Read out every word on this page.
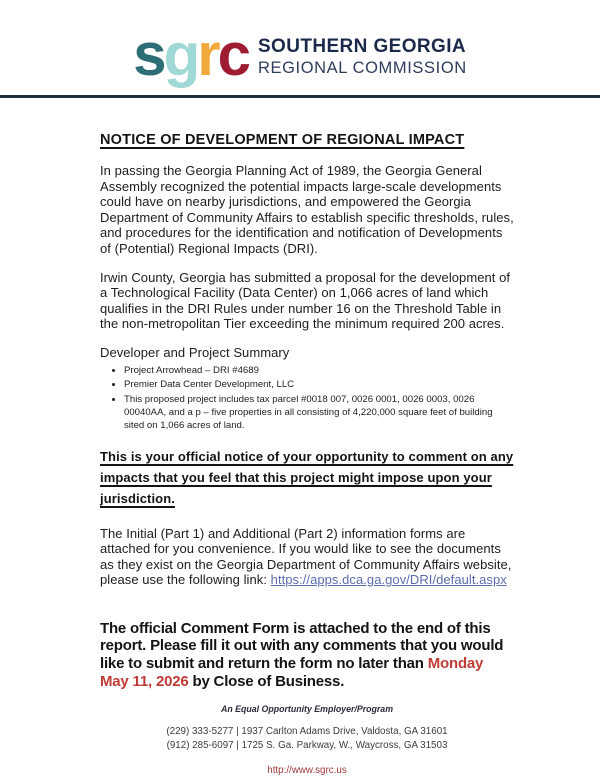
s g r c SOUTHERN GEORGIA
REGIONAL COMMISSION
NOTICE OF DEVELOPMENT OF REGIONAL IMPACT

In passing the Georgia Planning Act of 1989, the Georgia General Assembly recognized the potential impacts large-scale developments could have on nearby jurisdictions, and empowered the Georgia Department of Community Affairs to establish specific thresholds, rules, and procedures for the identification and notification of Developments of (Potential) Regional Impacts (DRI).

Irwin County, Georgia has submitted a proposal for the development of a Technological Facility (Data Center) on 1,066 acres of land which qualifies in the DRI Rules under number 16 on the Threshold Table in the non-metropolitan Tier exceeding the minimum required 200 acres.

Developer and Project Summary

• Project Arrowhead – DRI #4689
• Premier Data Center Development, LLC
• This proposed project includes tax parcel #0018 007, 0026 0001, 0026 0003, 0026 00040AA, and a p – five properties in all consisting of 4,220,000 square feet of building sited on 1,066 acres of land.

This is your official notice of your opportunity to comment on any impacts that you feel that this project might impose upon your jurisdiction.

The Initial (Part 1) and Additional (Part 2) information forms are attached for you convenience. If you would like to see the documents as they exist on the Georgia Department of Community Affairs website, please use the following link: https://apps.dca.ga.gov/DRI/default.aspx

The official Comment Form is attached to the end of this report. Please fill it out with any comments that you would like to submit and return the form no later than Monday May 11, 2026 by Close of Business.

An Equal Opportunity Employer/Program

(229) 333-5277 | 1937 Carlton Adams Drive, Valdosta, GA 31601

(912) 285-6097 | 1725 S. Ga. Parkway, W., Waycross, GA 31503

http://www.sgrc.us
